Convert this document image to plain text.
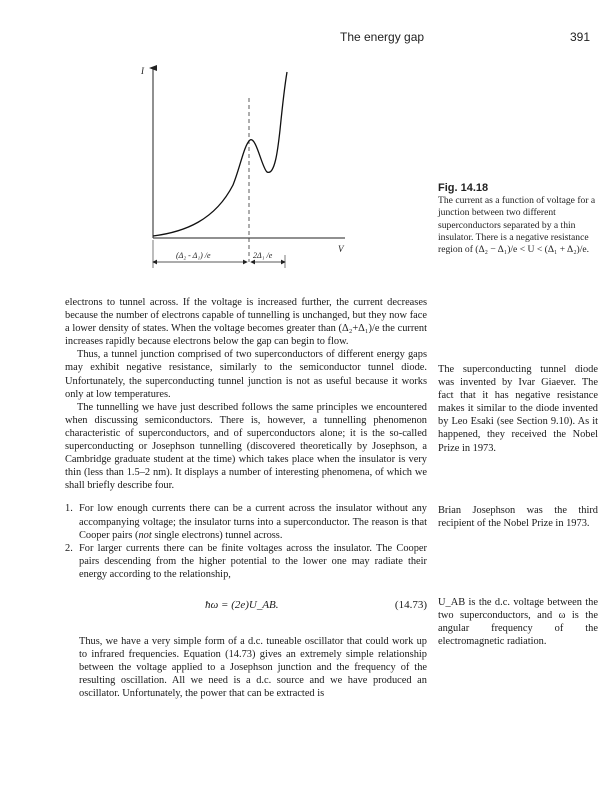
The energy gap	391
I
V
(Δ₂ - Δ₁) /e	2Δ₁ /e
Fig. 14.18
The current as a function of voltage for a junction between two different superconductors separated by a thin insulator. There is a negative resistance region of (Δ₂ − Δ₁)/e < U < (Δ₁ + Δ₂)/e.

electrons to tunnel across. If the voltage is increased further, the current decreases because the number of electrons capable of tunnelling is unchanged, but they now face a lower density of states. When the voltage becomes greater than (Δ₂+Δ₁)/e the current increases rapidly because electrons below the gap can begin to flow.

Thus, a tunnel junction comprised of two superconductors of different energy gaps may exhibit negative resistance, similarly to the semiconductor tunnel diode. Unfortunately, the superconducting tunnel junction is not as useful because it works only at low temperatures.

The tunnelling we have just described follows the same principles we encountered when discussing semiconductors. There is, however, a tunnelling phenomenon characteristic of superconductors, and of superconductors alone; it is the so-called superconducting or Josephson tunnelling (discovered theoretically by Josephson, a Cambridge graduate student at the time) which takes place when the insulator is very thin (less than 1.5–2 nm). It displays a number of interesting phenomena, of which we shall briefly describe four.

1. For low enough currents there can be a current across the insulator without any accompanying voltage; the insulator turns into a superconductor. The reason is that Cooper pairs (not single electrons) tunnel across.
2. For larger currents there can be finite voltages across the insulator. The Cooper pairs descending from the higher potential to the lower one may radiate their energy according to the relationship,
ħω = (2e)U_AB.	(14.73)

Thus, we have a very simple form of a d.c. tuneable oscillator that could work up to infrared frequencies. Equation (14.73) gives an extremely simple relationship between the voltage applied to a Josephson junction and the frequency of the resulting oscillation. All we need is a d.c. source and we have produced an oscillator. Unfortunately, the power that can be extracted is

The superconducting tunnel diode was invented by Ivar Giaever. The fact that it has negative resistance makes it similar to the diode invented by Leo Esaki (see Section 9.10). As it happened, they received the Nobel Prize in 1973.
Brian Josephson was the third recipient of the Nobel Prize in 1973.
U_AB is the d.c. voltage between the two superconductors, and ω is the angular frequency of the electromagnetic radiation.
